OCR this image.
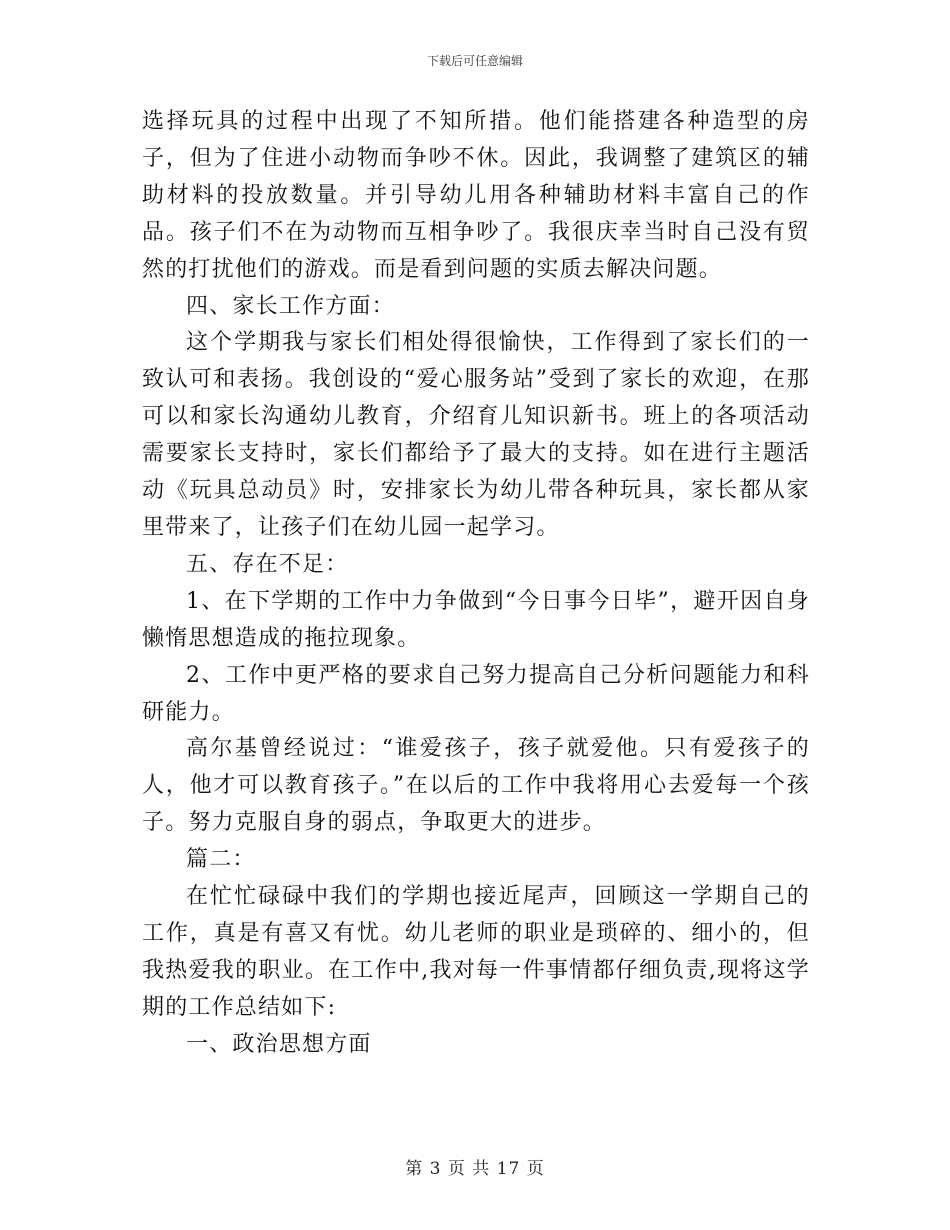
下载后可任意编辑

选择玩具的过程中出现了不知所措。他们能搭建各种造型的房子，但为了住进小动物而争吵不休。因此，我调整了建筑区的辅助材料的投放数量。并引导幼儿用各种辅助材料丰富自己的作品。孩子们不在为动物而互相争吵了。我很庆幸当时自己没有贸然的打扰他们的游戏。而是看到问题的实质去解决问题。

四、家长工作方面：

这个学期我与家长们相处得很愉快，工作得到了家长们的一致认可和表扬。我创设的“爱心服务站”受到了家长的欢迎，在那可以和家长沟通幼儿教育，介绍育儿知识新书。班上的各项活动需要家长支持时，家长们都给予了最大的支持。如在进行主题活动《玩具总动员》时，安排家长为幼儿带各种玩具，家长都从家里带来了，让孩子们在幼儿园一起学习。

五、存在不足：

1、在下学期的工作中力争做到“今日事今日毕”，避开因自身懒惰思想造成的拖拉现象。

2、工作中更严格的要求自己努力提高自己分析问题能力和科研能力。

高尔基曾经说过：“谁爱孩子，孩子就爱他。只有爱孩子的人，他才可以教育孩子。”在以后的工作中我将用心去爱每一个孩子。努力克服自身的弱点，争取更大的进步。

篇二：

在忙忙碌碌中我们的学期也接近尾声，回顾这一学期自己的工作，真是有喜又有忧。幼儿老师的职业是琐碎的、细小的，但我热爱我的职业。在工作中,我对每一件事情都仔细负责,现将这学期的工作总结如下:

一、政治思想方面

第 3 页 共 17 页
